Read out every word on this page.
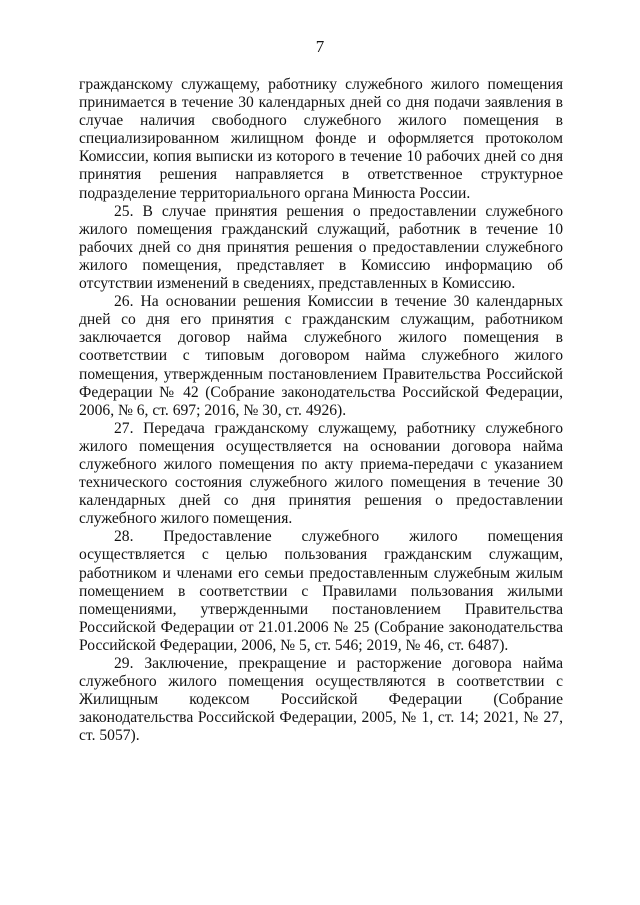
7

гражданскому служащему, работнику служебного жилого помещения принимается в течение 30 календарных дней со дня подачи заявления в случае наличия свободного служебного жилого помещения в специализированном жилищном фонде и оформляется протоколом Комиссии, копия выписки из которого в течение 10 рабочих дней со дня принятия решения направляется в ответственное структурное подразделение территориального органа Минюста России.

25. В случае принятия решения о предоставлении служебного жилого помещения гражданский служащий, работник в течение 10 рабочих дней со дня принятия решения о предоставлении служебного жилого помещения, представляет в Комиссию информацию об отсутствии изменений в сведениях, представленных в Комиссию.

26. На основании решения Комиссии в течение 30 календарных дней со дня его принятия с гражданским служащим, работником заключается договор найма служебного жилого помещения в соответствии с типовым договором найма служебного жилого помещения, утвержденным постановлением Правительства Российской Федерации № 42 (Собрание законодательства Российской Федерации, 2006, № 6, ст. 697; 2016, № 30, ст. 4926).

27. Передача гражданскому служащему, работнику служебного жилого помещения осуществляется на основании договора найма служебного жилого помещения по акту приема-передачи с указанием технического состояния служебного жилого помещения в течение 30 календарных дней со дня принятия решения о предоставлении служебного жилого помещения.

28. Предоставление служебного жилого помещения осуществляется с целью пользования гражданским служащим, работником и членами его семьи предоставленным служебным жилым помещением в соответствии с Правилами пользования жилыми помещениями, утвержденными постановлением Правительства Российской Федерации от 21.01.2006 № 25 (Собрание законодательства Российской Федерации, 2006, № 5, ст. 546; 2019, № 46, ст. 6487).

29. Заключение, прекращение и расторжение договора найма служебного жилого помещения осуществляются в соответствии с Жилищным кодексом Российской Федерации (Собрание законодательства Российской Федерации, 2005, № 1, ст. 14; 2021, № 27, ст. 5057).
